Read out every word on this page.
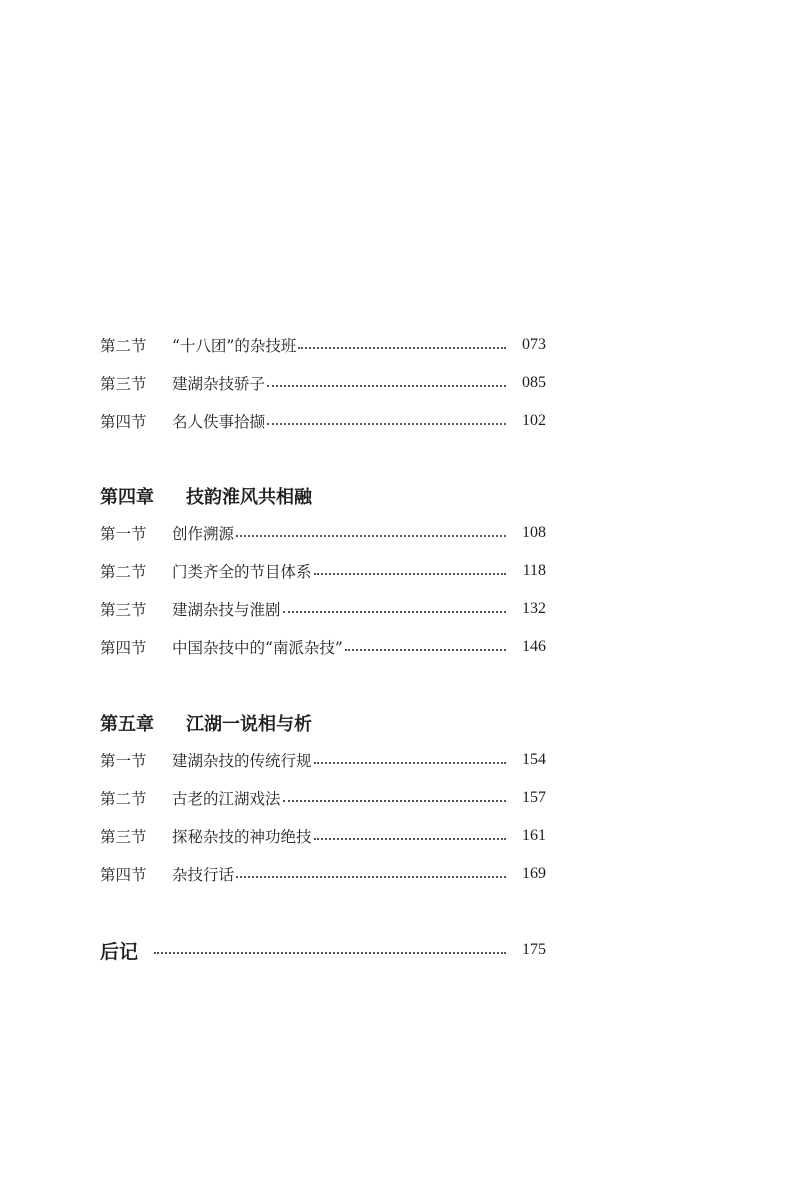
第二节	“十八团”的杂技班	073
第三节	建湖杂技骄子	085
第四节	名人佚事拾撷	102
第四章	技韵淮风共相融
第一节	创作溯源	108
第二节	门类齐全的节目体系	118
第三节	建湖杂技与淮剧	132
第四节	中国杂技中的“南派杂技”	146
第五章	江湖一说相与析
第一节	建湖杂技的传统行规	154
第二节	古老的江湖戏法	157
第三节	探秘杂技的神功绝技	161
第四节	杂技行话	169
后记	175
